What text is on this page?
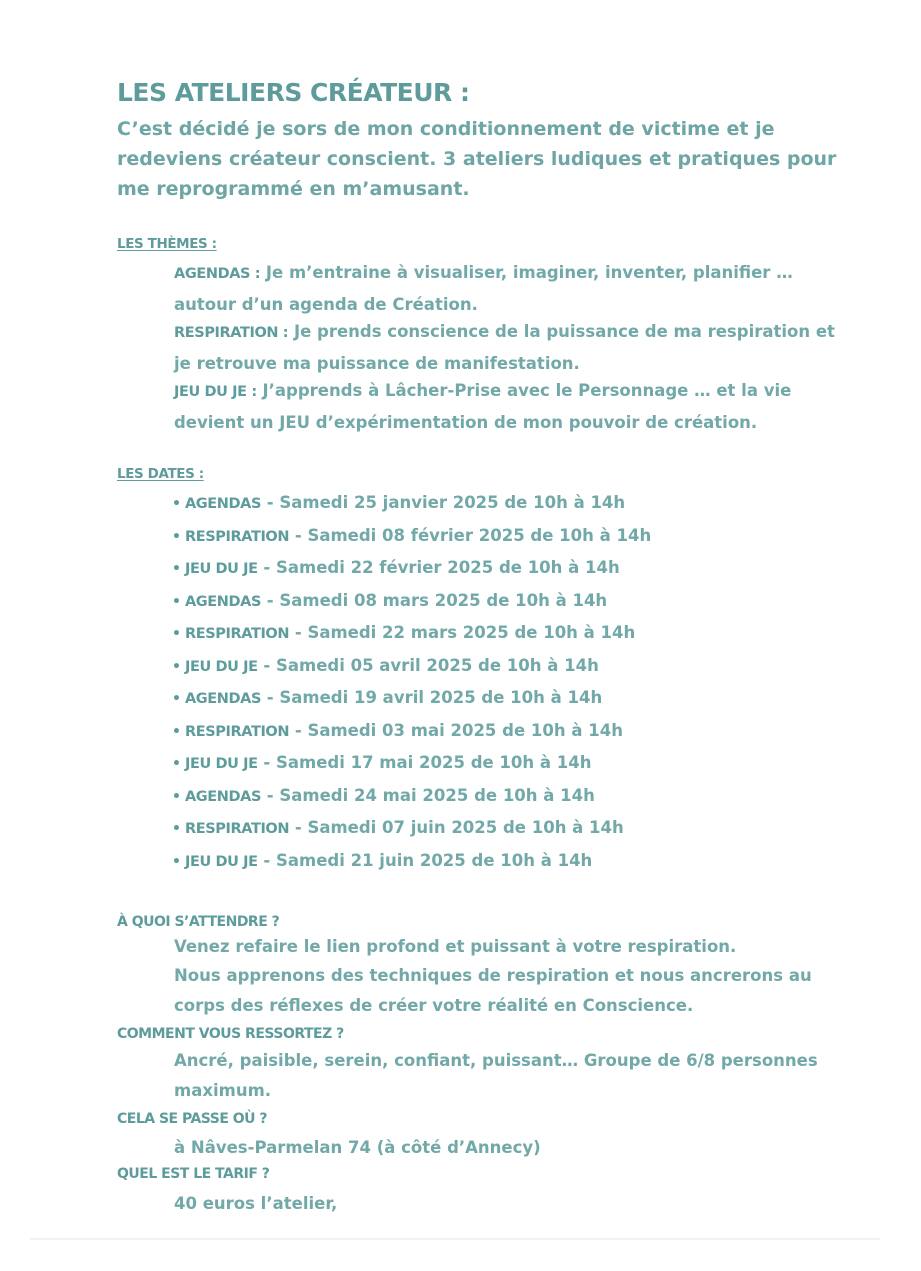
LES ATELIERS CRÉATEUR :

C’est décidé je sors de mon conditionnement de victime et je redeviens créateur conscient. 3 ateliers ludiques et pratiques pour me reprogrammé en m’amusant.

LES THÈMES :
AGENDAS : Je m’entraine à visualiser, imaginer, inventer, planifier … autour d’un agenda de Création.
RESPIRATION : Je prends conscience de la puissance de ma respiration et je retrouve ma puissance de manifestation.
JEU DU JE : J’apprends à Lâcher-Prise avec le Personnage … et la vie devient un JEU d’expérimentation de mon pouvoir de création.
LES DATES :
• AGENDAS - Samedi 25 janvier 2025 de 10h à 14h
• RESPIRATION - Samedi 08 février 2025 de 10h à 14h
• JEU DU JE - Samedi 22 février 2025 de 10h à 14h
• AGENDAS - Samedi 08 mars 2025 de 10h à 14h
• RESPIRATION - Samedi 22 mars 2025 de 10h à 14h
• JEU DU JE - Samedi 05 avril 2025 de 10h à 14h
• AGENDAS - Samedi 19 avril 2025 de 10h à 14h
• RESPIRATION - Samedi 03 mai 2025 de 10h à 14h
• JEU DU JE - Samedi 17 mai 2025 de 10h à 14h
• AGENDAS - Samedi 24 mai 2025 de 10h à 14h
• RESPIRATION - Samedi 07 juin 2025 de 10h à 14h
• JEU DU JE - Samedi 21 juin 2025 de 10h à 14h
À QUOI S’ATTENDRE ?

Venez refaire le lien profond et puissant à votre respiration.

Nous apprenons des techniques de respiration et nous ancrerons au corps des réflexes de créer votre réalité en Conscience.

COMMENT VOUS RESSORTEZ ?

Ancré, paisible, serein, confiant, puissant… Groupe de 6/8 personnes maximum.

CELA SE PASSE OÙ ?

à Nâves-Parmelan 74 (à côté d’Annecy)

QUEL EST LE TARIF ?

40 euros l’atelier,
